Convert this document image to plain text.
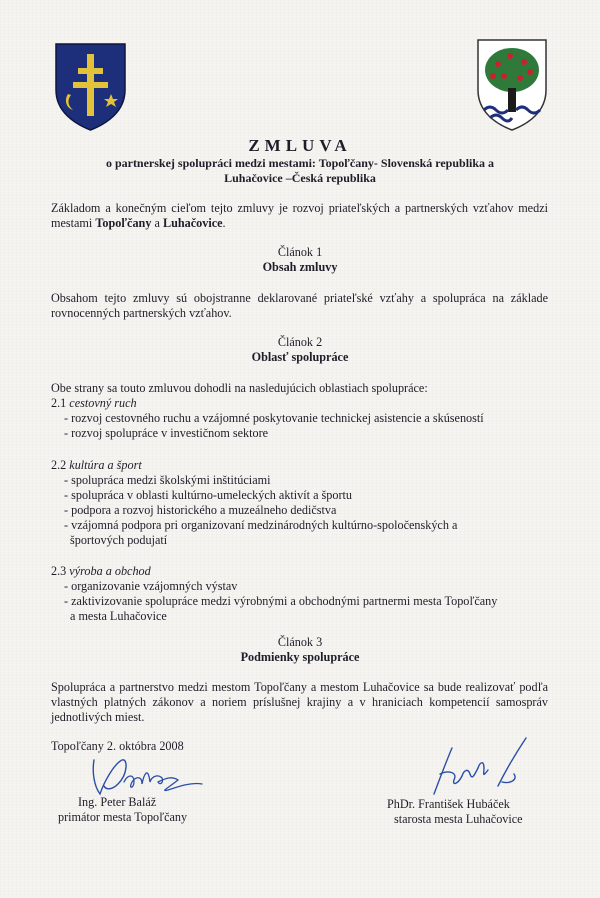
ZMLUVA
o partnerskej spolupráci medzi mestami: Topoľčany- Slovenská republika a
Luhačovice –Česká republika
Základom a konečným cieľom tejto zmluvy je rozvoj priateľských a partnerských vzťahov medzi mestami Topoľčany a Luhačovice.
Článok 1
Obsah zmluvy
Obsahom tejto zmluvy sú obojstranne deklarované priateľské vzťahy a spolupráca na základe rovnocenných partnerských vzťahov.
Článok 2
Oblasť spolupráce
Obe strany sa touto zmluvou dohodli na nasledujúcich oblastiach spolupráce:
2.1 cestovný ruch
- rozvoj cestovného ruchu a vzájomné poskytovanie technickej asistencie a skúseností
- rozvoj spolupráce v investičnom sektore
2.2 kultúra a šport
- spolupráca medzi školskými inštitúciami
- spolupráca v oblasti kultúrno-umeleckých aktivít a športu
- podpora a rozvoj historického a muzeálneho dedičstva
- vzájomná podpora pri organizovaní medzinárodných kultúrno-spoločenských a
športových podujatí
2.3 výroba a obchod
- organizovanie vzájomných výstav
- zaktivizovanie spolupráce medzi výrobnými a obchodnými partnermi mesta Topoľčany
a mesta Luhačovice
Článok 3
Podmienky spolupráce
Spolupráca a partnerstvo medzi mestom Topoľčany a mestom Luhačovice sa bude realizovať podľa vlastných platných zákonov a noriem príslušnej krajiny a v hraniciach kompetencií samospráv jednotlivých miest.
Topoľčany 2. októbra 2008
Ing. Peter Baláž
primátor mesta Topoľčany
PhDr. František Hubáček
starosta mesta Luhačovice
